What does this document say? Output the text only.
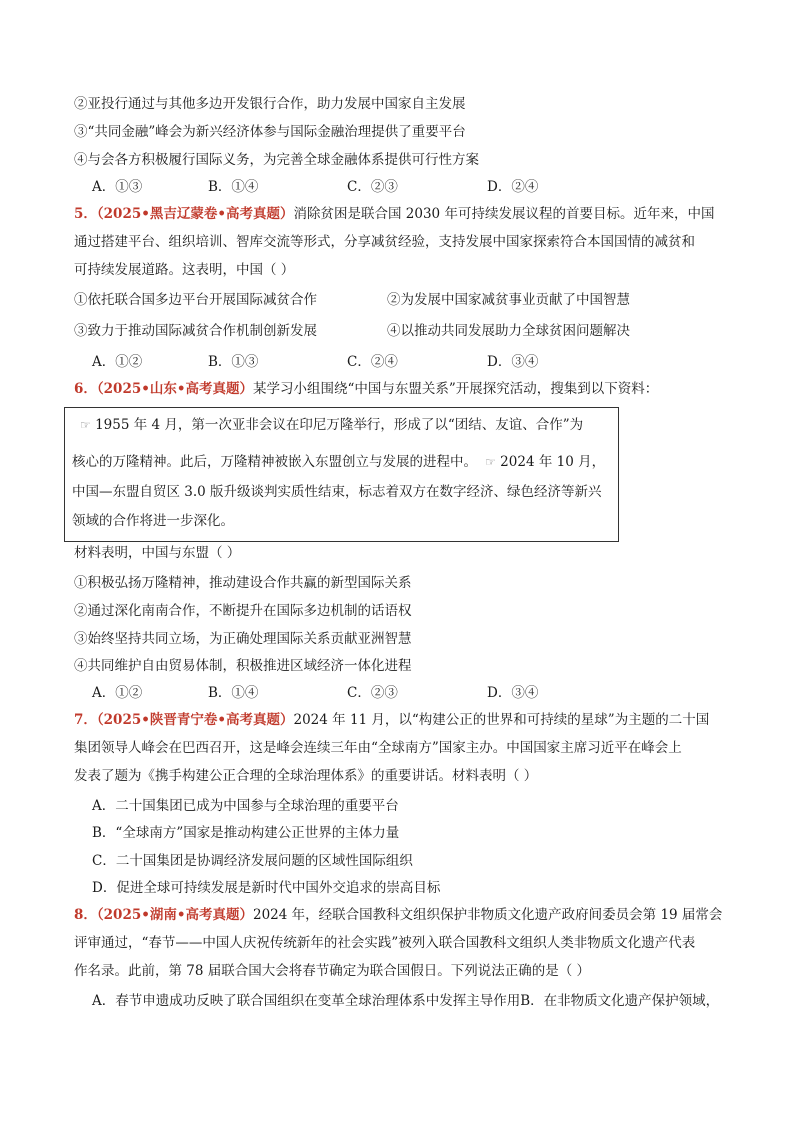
②亚投行通过与其他多边开发银行合作，助力发展中国家自主发展
③“共同金融”峰会为新兴经济体参与国际金融治理提供了重要平台
④与会各方积极履行国际义务，为完善全球金融体系提供可行性方案
A．①③	B．①④	C．②③	D．②④
5．（2025•黑吉辽蒙卷•高考真题）消除贫困是联合国 2030 年可持续发展议程的首要目标。近年来，中国
通过搭建平台、组织培训、智库交流等形式，分享减贫经验，支持发展中国家探索符合本国国情的减贫和
可持续发展道路。这表明，中国（ ）
①依托联合国多边平台开展国际减贫合作	②为发展中国家减贫事业贡献了中国智慧
③致力于推动国际减贫合作机制创新发展	④以推动共同发展助力全球贫困问题解决
A．①②	B．①③	C．②④	D．③④
6．（2025•山东•高考真题）某学习小组围绕“中国与东盟关系”开展探究活动，搜集到以下资料：
☞ 1955 年 4 月，第一次亚非会议在印尼万隆举行，形成了以“团结、友谊、合作”为
核心的万隆精神。此后，万隆精神被嵌入东盟创立与发展的进程中。  ☞ 2024 年 10 月，
中国—东盟自贸区 3.0 版升级谈判实质性结束，标志着双方在数字经济、绿色经济等新兴
领域的合作将进一步深化。
材料表明，中国与东盟（ ）
①积极弘扬万隆精神，推动建设合作共赢的新型国际关系
②通过深化南南合作，不断提升在国际多边机制的话语权
③始终坚持共同立场，为正确处理国际关系贡献亚洲智慧
④共同维护自由贸易体制，积极推进区域经济一体化进程
A．①②	B．①④	C．②③	D．③④
7．（2025•陕晋青宁卷•高考真题）2024 年 11 月，以“构建公正的世界和可持续的星球”为主题的二十国
集团领导人峰会在巴西召开，这是峰会连续三年由“全球南方”国家主办。中国国家主席习近平在峰会上
发表了题为《携手构建公正合理的全球治理体系》的重要讲话。材料表明（ ）
A．二十国集团已成为中国参与全球治理的重要平台
B．“全球南方”国家是推动构建公正世界的主体力量
C．二十国集团是协调经济发展问题的区域性国际组织
D．促进全球可持续发展是新时代中国外交追求的崇高目标
8．（2025•湖南•高考真题）2024 年，经联合国教科文组织保护非物质文化遗产政府间委员会第 19 届常会
评审通过，“春节——中国人庆祝传统新年的社会实践”被列入联合国教科文组织人类非物质文化遗产代表
作名录。此前，第 78 届联合国大会将春节确定为联合国假日。下列说法正确的是（ ）
A．春节申遗成功反映了联合国组织在变革全球治理体系中发挥主导作用B．在非物质文化遗产保护领域，
